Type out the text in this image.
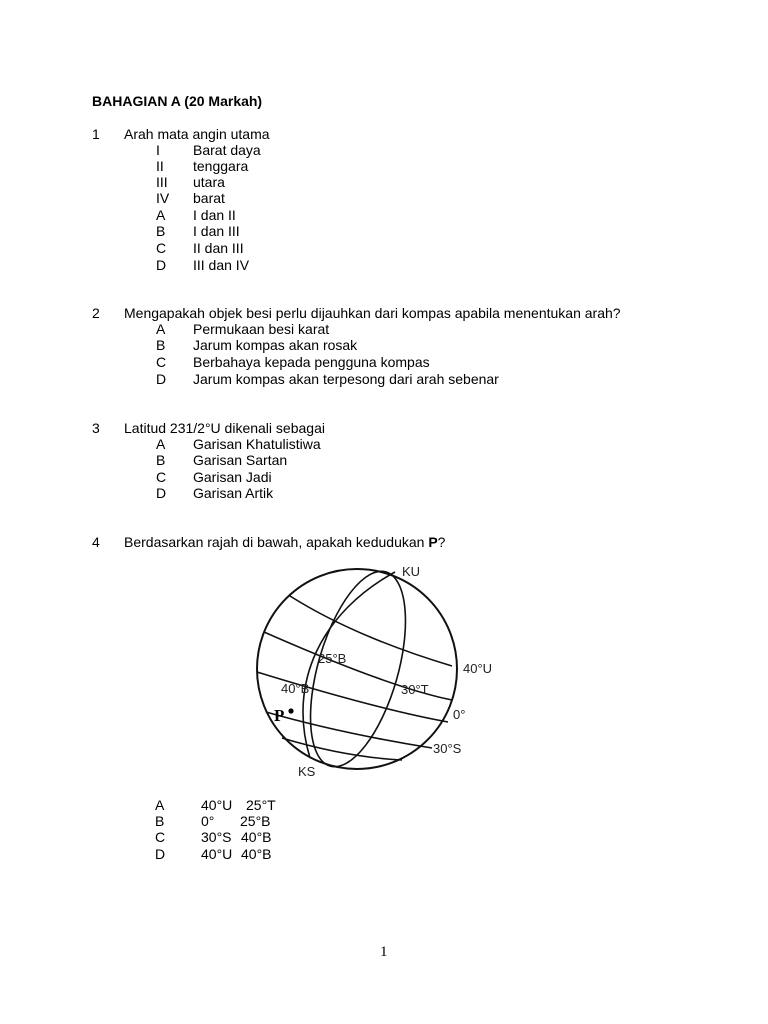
BAHAGIAN A (20 Markah)
1 Arah mata angin utama
I Barat daya
II tenggara
III utara
IV barat
A I dan II
B I dan III
C II dan III
D III dan IV
2 Mengapakah objek besi perlu dijauhkan dari kompas apabila menentukan arah?
A Permukaan besi karat
B Jarum kompas akan rosak
C Berbahaya kepada pengguna kompas
D Jarum kompas akan terpesong dari arah sebenar
3 Latitud 231/2°U dikenali sebagai
A Garisan Khatulistiwa
B Garisan Sartan
C Garisan Jadi
D Garisan Artik
4 Berdasarkan rajah di bawah, apakah kedudukan P?
KU
KS
40°U
0°
30°S
25°B
40°B	30°T
P
A	40°U 25°T
B	0° 25°B
C	30°S 40°B
D	40°U 40°B
1
